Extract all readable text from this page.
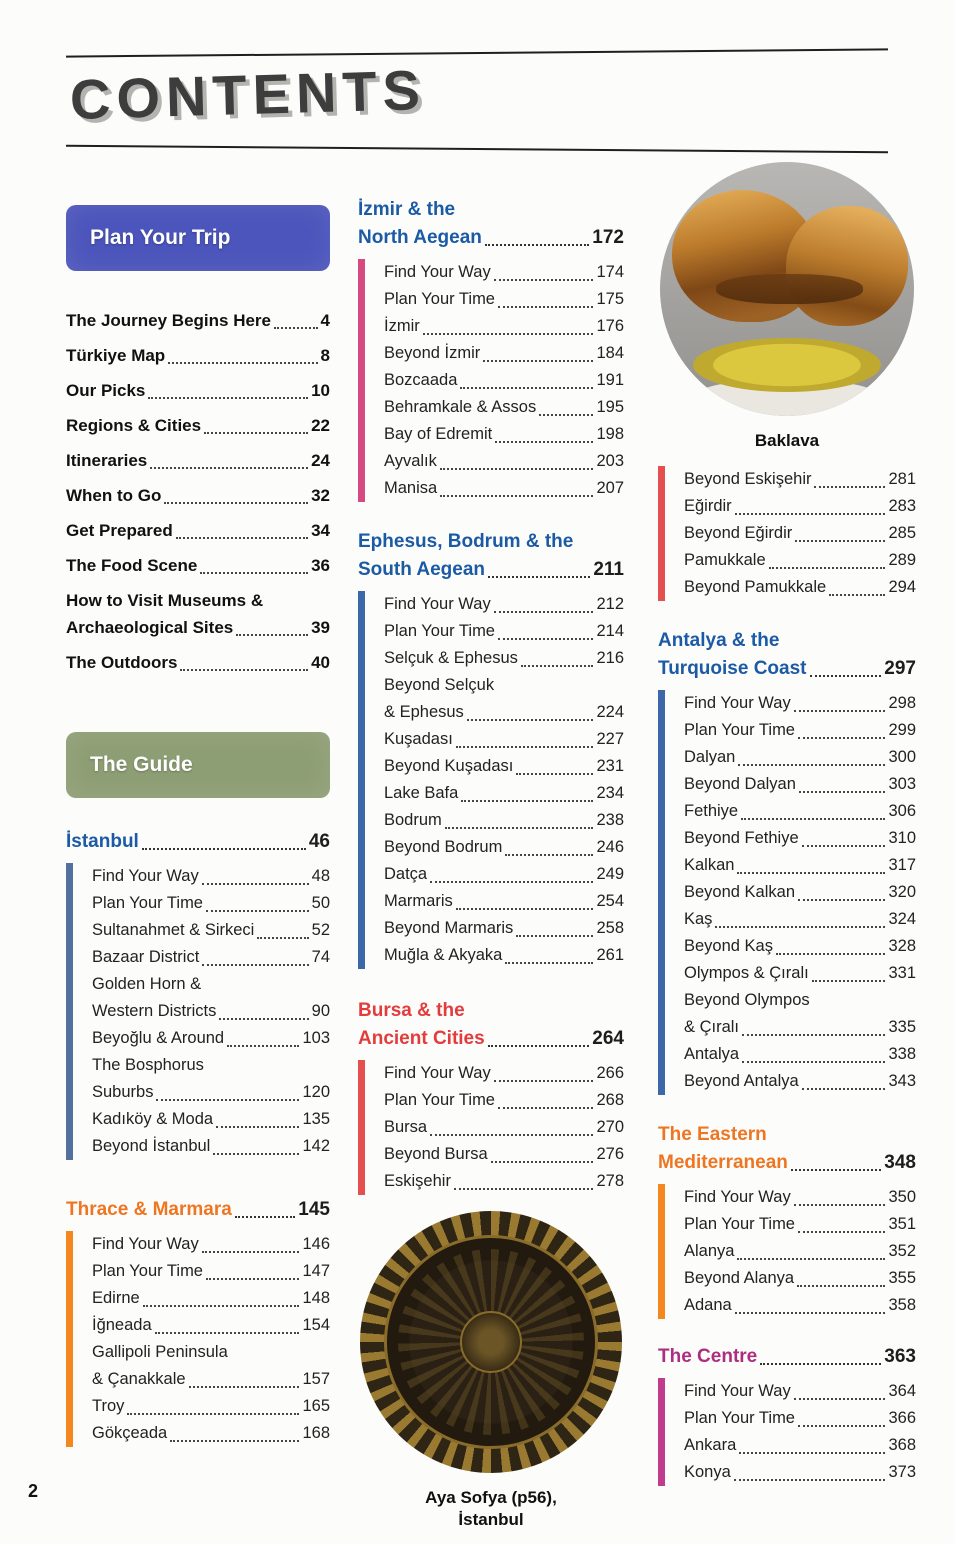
CONTENTS
Plan Your Trip
The Journey Begins Here	4
Türkiye Map	8
Our Picks	10
Regions & Cities	22
Itineraries	24
When to Go	32
Get Prepared	34
The Food Scene	36
How to Visit Museums &
Archaeological Sites	39
The Outdoors	40
The Guide
İstanbul	46
Find Your Way	48
Plan Your Time	50
Sultanahmet & Sirkeci	52
Bazaar District	74
Golden Horn &
Western Districts	90
Beyoğlu & Around	103
The Bosphorus
Suburbs	120
Kadıköy & Moda	135
Beyond İstanbul	142
Thrace & Marmara	145
Find Your Way	146
Plan Your Time	147
Edirne	148
İğneada	154
Gallipoli Peninsula
& Çanakkale	157
Troy	165
Gökçeada	168
İzmir & the
North Aegean	172
Find Your Way	174
Plan Your Time	175
İzmir	176
Beyond İzmir	184
Bozcaada	191
Behramkale & Assos	195
Bay of Edremit	198
Ayvalık	203
Manisa	207
Ephesus, Bodrum & the
South Aegean	211
Find Your Way	212
Plan Your Time	214
Selçuk & Ephesus	216
Beyond Selçuk
& Ephesus	224
Kuşadası	227
Beyond Kuşadası	231
Lake Bafa	234
Bodrum	238
Beyond Bodrum	246
Datça	249
Marmaris	254
Beyond Marmaris	258
Muğla & Akyaka	261
Bursa & the
Ancient Cities	264
Find Your Way	266
Plan Your Time	268
Bursa	270
Beyond Bursa	276
Eskişehir	278
Aya Sofya (p56),
İstanbul
Baklava
Beyond Eskişehir	281
Eğirdir	283
Beyond Eğirdir	285
Pamukkale	289
Beyond Pamukkale	294
Antalya & the
Turquoise Coast	297
Find Your Way	298
Plan Your Time	299
Dalyan	300
Beyond Dalyan	303
Fethiye	306
Beyond Fethiye	310
Kalkan	317
Beyond Kalkan	320
Kaş	324
Beyond Kaş	328
Olympos & Çıralı	331
Beyond Olympos
& Çıralı	335
Antalya	338
Beyond Antalya	343
The Eastern
Mediterranean	348
Find Your Way	350
Plan Your Time	351
Alanya	352
Beyond Alanya	355
Adana	358
The Centre	363
Find Your Way	364
Plan Your Time	366
Ankara	368
Konya	373
2
